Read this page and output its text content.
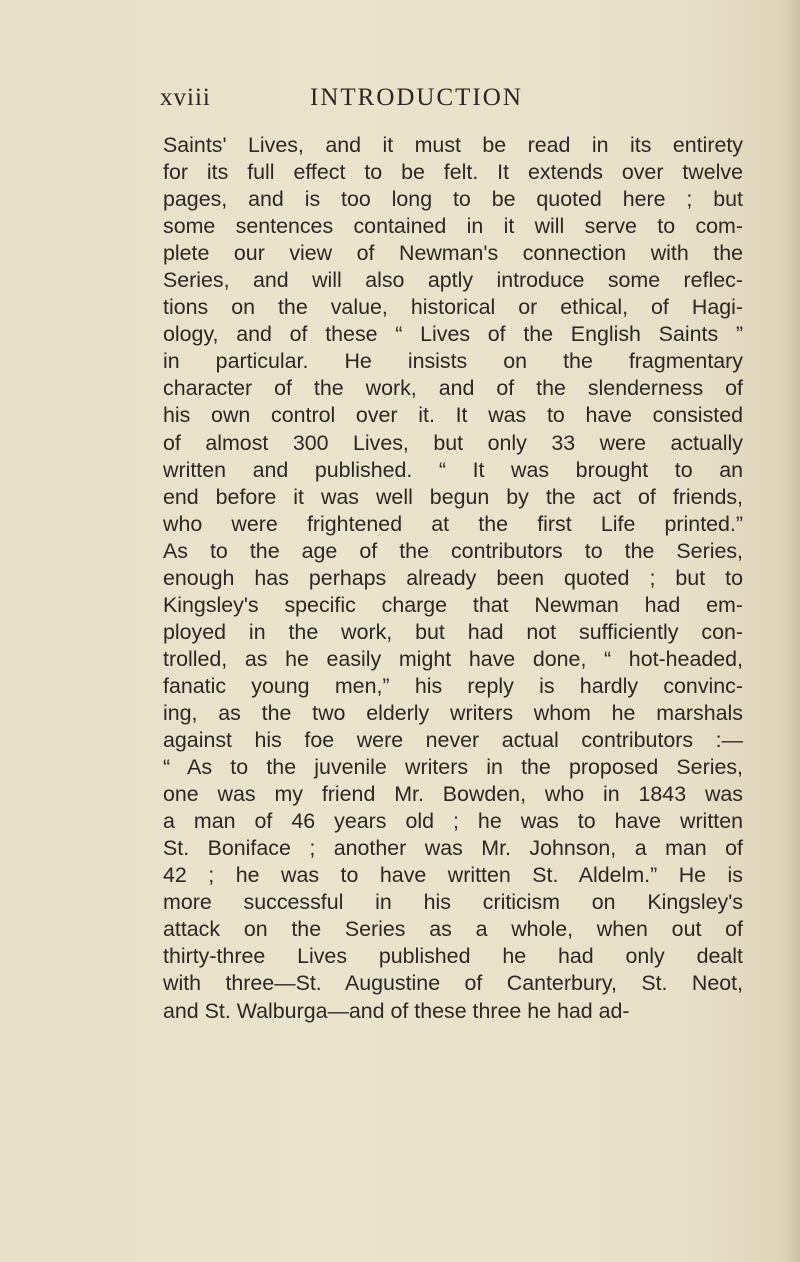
xviii	INTRODUCTION
Saints' Lives, and it must be read in its entirety
for its full effect to be felt. It extends over twelve
pages, and is too long to be quoted here ; but
some sentences contained in it will serve to com-
plete our view of Newman's connection with the
Series, and will also aptly introduce some reflec-
tions on the value, historical or ethical, of Hagi-
ology, and of these “ Lives of the English Saints ”
in particular. He insists on the fragmentary
character of the work, and of the slenderness of
his own control over it. It was to have consisted
of almost 300 Lives, but only 33 were actually
written and published. “ It was brought to an
end before it was well begun by the act of friends,
who were frightened at the first Life printed.”
As to the age of the contributors to the Series,
enough has perhaps already been quoted ; but to
Kingsley's specific charge that Newman had em-
ployed in the work, but had not sufficiently con-
trolled, as he easily might have done, “ hot-headed,
fanatic young men,” his reply is hardly convinc-
ing, as the two elderly writers whom he marshals
against his foe were never actual contributors :—
“ As to the juvenile writers in the proposed Series,
one was my friend Mr. Bowden, who in 1843 was
a man of 46 years old ; he was to have written
St. Boniface ; another was Mr. Johnson, a man of
42 ; he was to have written St. Aldelm.” He is
more successful in his criticism on Kingsley's
attack on the Series as a whole, when out of
thirty-three Lives published he had only dealt
with three—St. Augustine of Canterbury, St. Neot,
and St. Walburga—and of these three he had ad-
